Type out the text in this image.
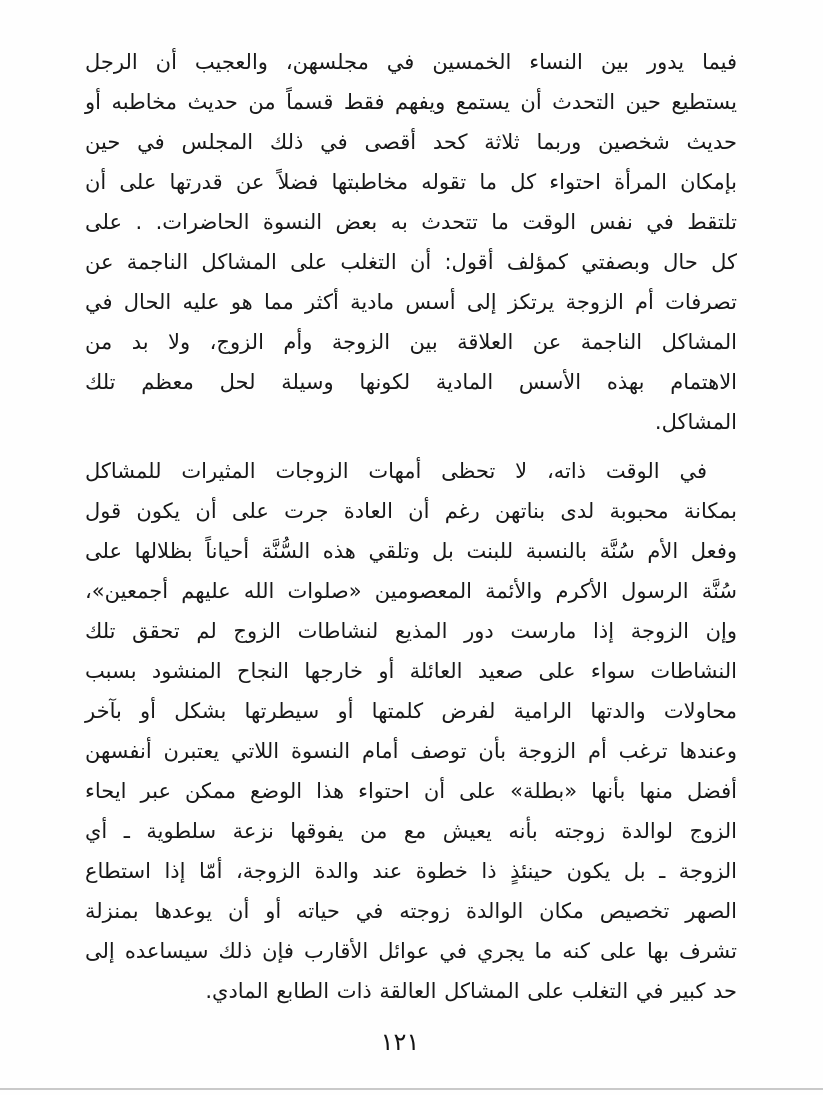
فيما يدور بين النساء الخمسين في مجلسهن، والعجيب أن الرجل
يستطيع حين التحدث أن يستمع ويفهم فقط قسماً من حديث مخاطبه أو
حديث شخصين وربما ثلاثة كحد أقصى في ذلك المجلس في حين
بإمكان المرأة احتواء كل ما تقوله مخاطبتها فضلاً عن قدرتها على أن
تلتقط في نفس الوقت ما تتحدث به بعض النسوة الحاضرات. . على
كل حال وبصفتي كمؤلف أقول: أن التغلب على المشاكل الناجمة عن
تصرفات أم الزوجة يرتكز إلى أسس مادية أكثر مما هو عليه الحال في
المشاكل الناجمة عن العلاقة بين الزوجة وأم الزوج، ولا بد من
الاهتمام بهذه الأسس المادية لكونها وسيلة لحل معظم تلك
المشاكل.
في الوقت ذاته، لا تحظى أمهات الزوجات المثيرات للمشاكل
بمكانة محبوبة لدى بناتهن رغم أن العادة جرت على أن يكون قول
وفعل الأم سُنَّة بالنسبة للبنت بل وتلقي هذه السُّنَّة أحياناً بظلالها على
سُنَّة الرسول الأكرم والأئمة المعصومين «صلوات الله عليهم أجمعين»،
وإن الزوجة إذا مارست دور المذيع لنشاطات الزوج لم تحقق تلك
النشاطات سواء على صعيد العائلة أو خارجها النجاح المنشود بسبب
محاولات والدتها الرامية لفرض كلمتها أو سيطرتها بشكل أو بآخر
وعندها ترغب أم الزوجة بأن توصف أمام النسوة اللاتي يعتبرن أنفسهن
أفضل منها بأنها «بطلة» على أن احتواء هذا الوضع ممكن عبر ايحاء
الزوج لوالدة زوجته بأنه يعيش مع من يفوقها نزعة سلطوية ـ أي
الزوجة ـ بل يكون حينئذٍ ذا خطوة عند والدة الزوجة، أمّا إذا استطاع
الصهر تخصيص مكان الوالدة زوجته في حياته أو أن يوعدها بمنزلة
تشرف بها على كنه ما يجري في عوائل الأقارب فإن ذلك سيساعده إلى
حد كبير في التغلب على المشاكل العالقة ذات الطابع المادي.
١٢١
